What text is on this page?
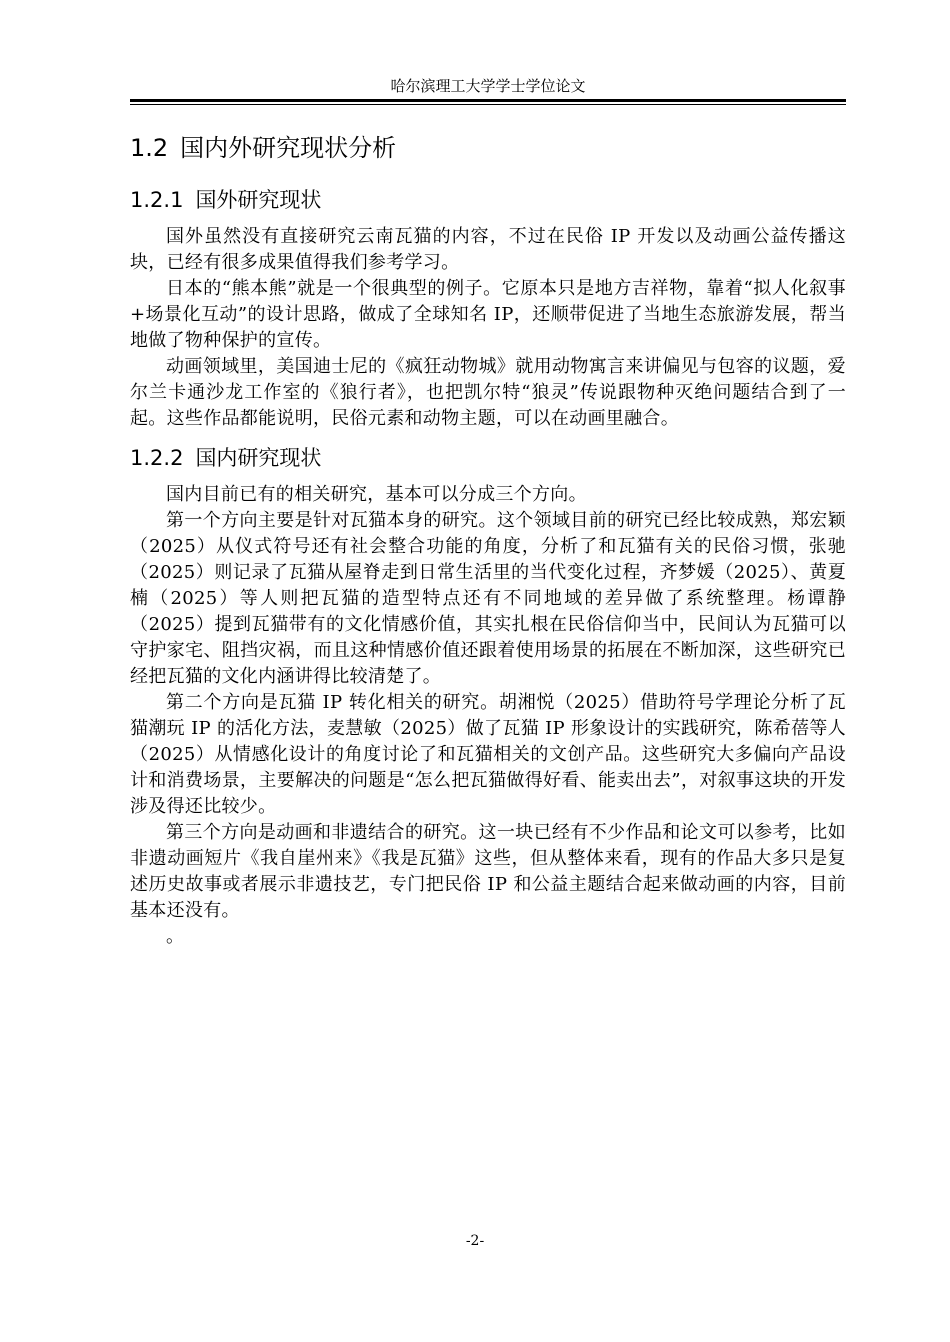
哈尔滨理工大学学士学位论文
1.2 国内外研究现状分析
1.2.1 国外研究现状

国外虽然没有直接研究云南瓦猫的内容，不过在民俗 IP 开发以及动画公益传播这块，已经有很多成果值得我们参考学习。

日本的“熊本熊”就是一个很典型的例子。它原本只是地方吉祥物，靠着“拟人化叙事+场景化互动”的设计思路，做成了全球知名 IP，还顺带促进了当地生态旅游发展，帮当地做了物种保护的宣传。

动画领域里，美国迪士尼的《疯狂动物城》就用动物寓言来讲偏见与包容的议题，爱尔兰卡通沙龙工作室的《狼行者》，也把凯尔特“狼灵”传说跟物种灭绝问题结合到了一起。这些作品都能说明，民俗元素和动物主题，可以在动画里融合。

1.2.2 国内研究现状

国内目前已有的相关研究，基本可以分成三个方向。

第一个方向主要是针对瓦猫本身的研究。这个领域目前的研究已经比较成熟，郑宏颖（2025）从仪式符号还有社会整合功能的角度，分析了和瓦猫有关的民俗习惯，张驰（2025）则记录了瓦猫从屋脊走到日常生活里的当代变化过程，齐梦媛（2025）、黄夏楠（2025）等人则把瓦猫的造型特点还有不同地域的差异做了系统整理。杨谭静（2025）提到瓦猫带有的文化情感价值，其实扎根在民俗信仰当中，民间认为瓦猫可以守护家宅、阻挡灾祸，而且这种情感价值还跟着使用场景的拓展在不断加深，这些研究已经把瓦猫的文化内涵讲得比较清楚了。

第二个方向是瓦猫 IP 转化相关的研究。胡湘悦（2025）借助符号学理论分析了瓦猫潮玩 IP 的活化方法，麦慧敏（2025）做了瓦猫 IP 形象设计的实践研究，陈希蓓等人（2025）从情感化设计的角度讨论了和瓦猫相关的文创产品。这些研究大多偏向产品设计和消费场景，主要解决的问题是“怎么把瓦猫做得好看、能卖出去”，对叙事这块的开发涉及得还比较少。

第三个方向是动画和非遗结合的研究。这一块已经有不少作品和论文可以参考，比如非遗动画短片《我自崖州来》《我是瓦猫》这些，但从整体来看，现有的作品大多只是复述历史故事或者展示非遗技艺，专门把民俗 IP 和公益主题结合起来做动画的内容，目前基本还没有。

。

-2-
